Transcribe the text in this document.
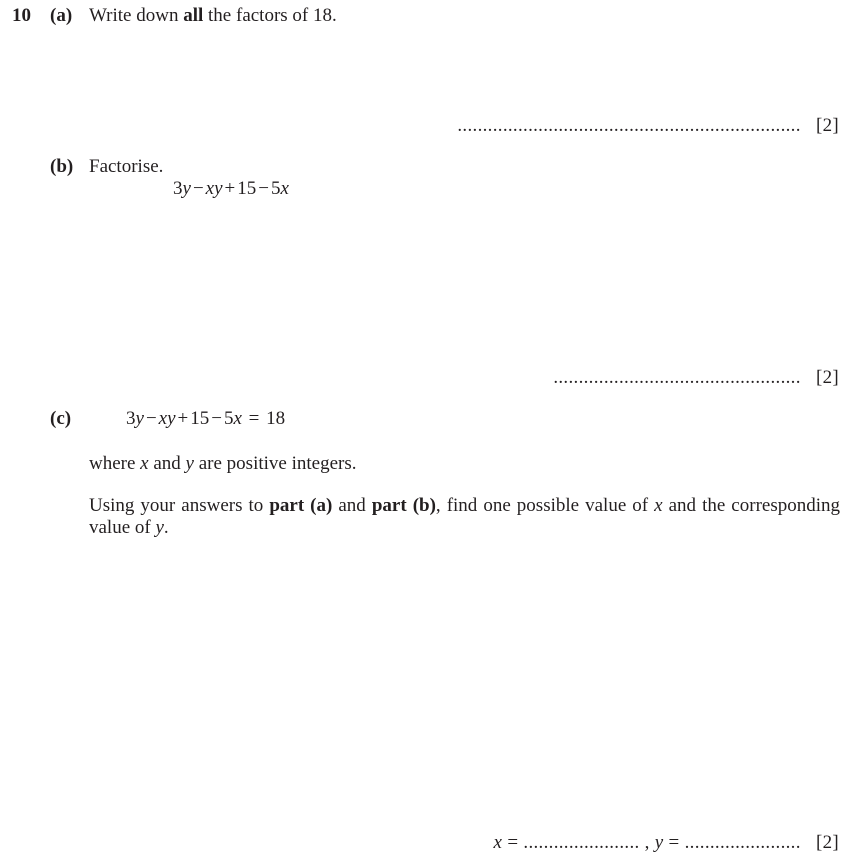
10 (a) Write down all the factors of 18.
.................................................................... [2]
(b) Factorise.
3y − xy + 15 − 5x
................................................. [2]
(c)	3y − xy + 15 − 5x = 18
where x and y are positive integers.
Using your answers to part (a) and part (b), find one possible value of x and the corresponding value of y.
x = ....................... , y = ....................... [2]
